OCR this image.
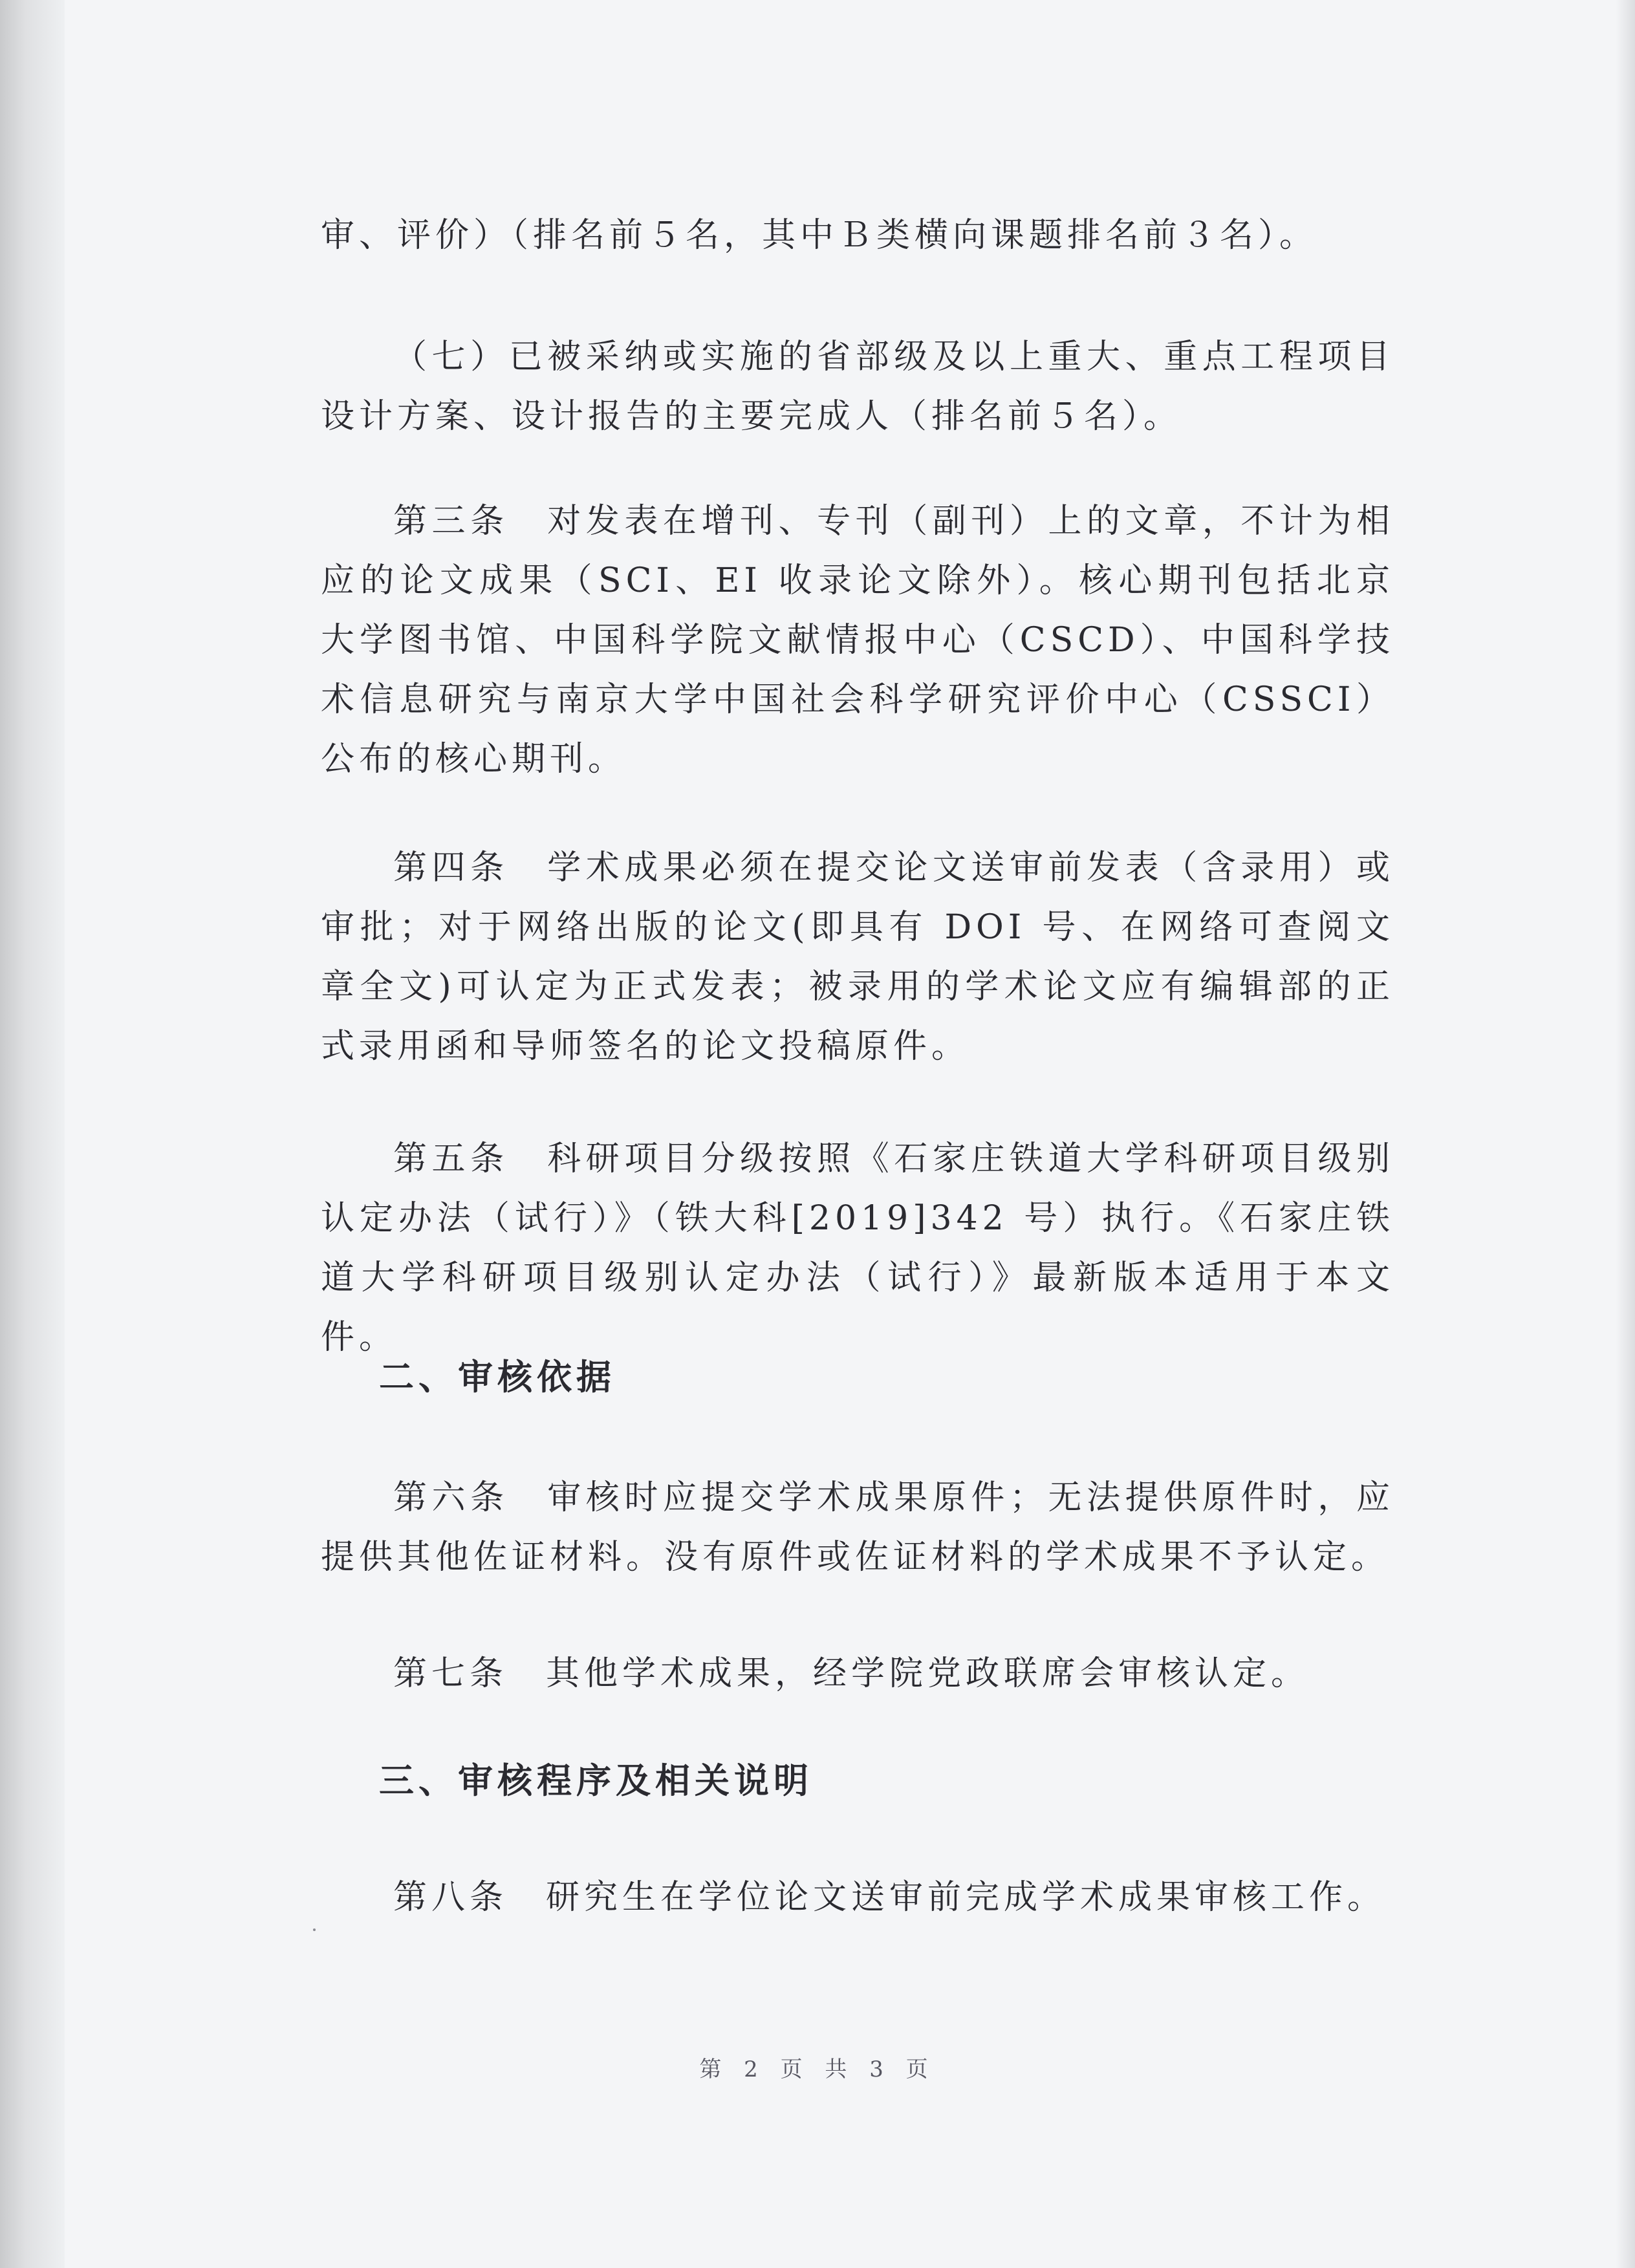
审、评价）（排名前５名，其中Ｂ类横向课题排名前３名）。

（七）已被采纳或实施的省部级及以上重大、重点工程项目设计方案、设计报告的主要完成人（排名前５名）。

第三条　对发表在增刊、专刊（副刊）上的文章，不计为相应的论文成果（SCI、EI 收录论文除外）。核心期刊包括北京大学图书馆、中国科学院文献情报中心（CSCD）、中国科学技术信息研究与南京大学中国社会科学研究评价中心（CSSCI）公布的核心期刊。

第四条　学术成果必须在提交论文送审前发表（含录用）或审批；对于网络出版的论文(即具有 DOI 号、在网络可查阅文章全文)可认定为正式发表；被录用的学术论文应有编辑部的正式录用函和导师签名的论文投稿原件。

第五条　科研项目分级按照《石家庄铁道大学科研项目级别认定办法（试行）》（铁大科[2019]342 号）执行。《石家庄铁道大学科研项目级别认定办法（试行）》最新版本适用于本文件。

二、审核依据

第六条　审核时应提交学术成果原件；无法提供原件时，应提供其他佐证材料。没有原件或佐证材料的学术成果不予认定。

第七条　其他学术成果，经学院党政联席会审核认定。

三、审核程序及相关说明

第八条　研究生在学位论文送审前完成学术成果审核工作。

第 2 页 共 3 页
